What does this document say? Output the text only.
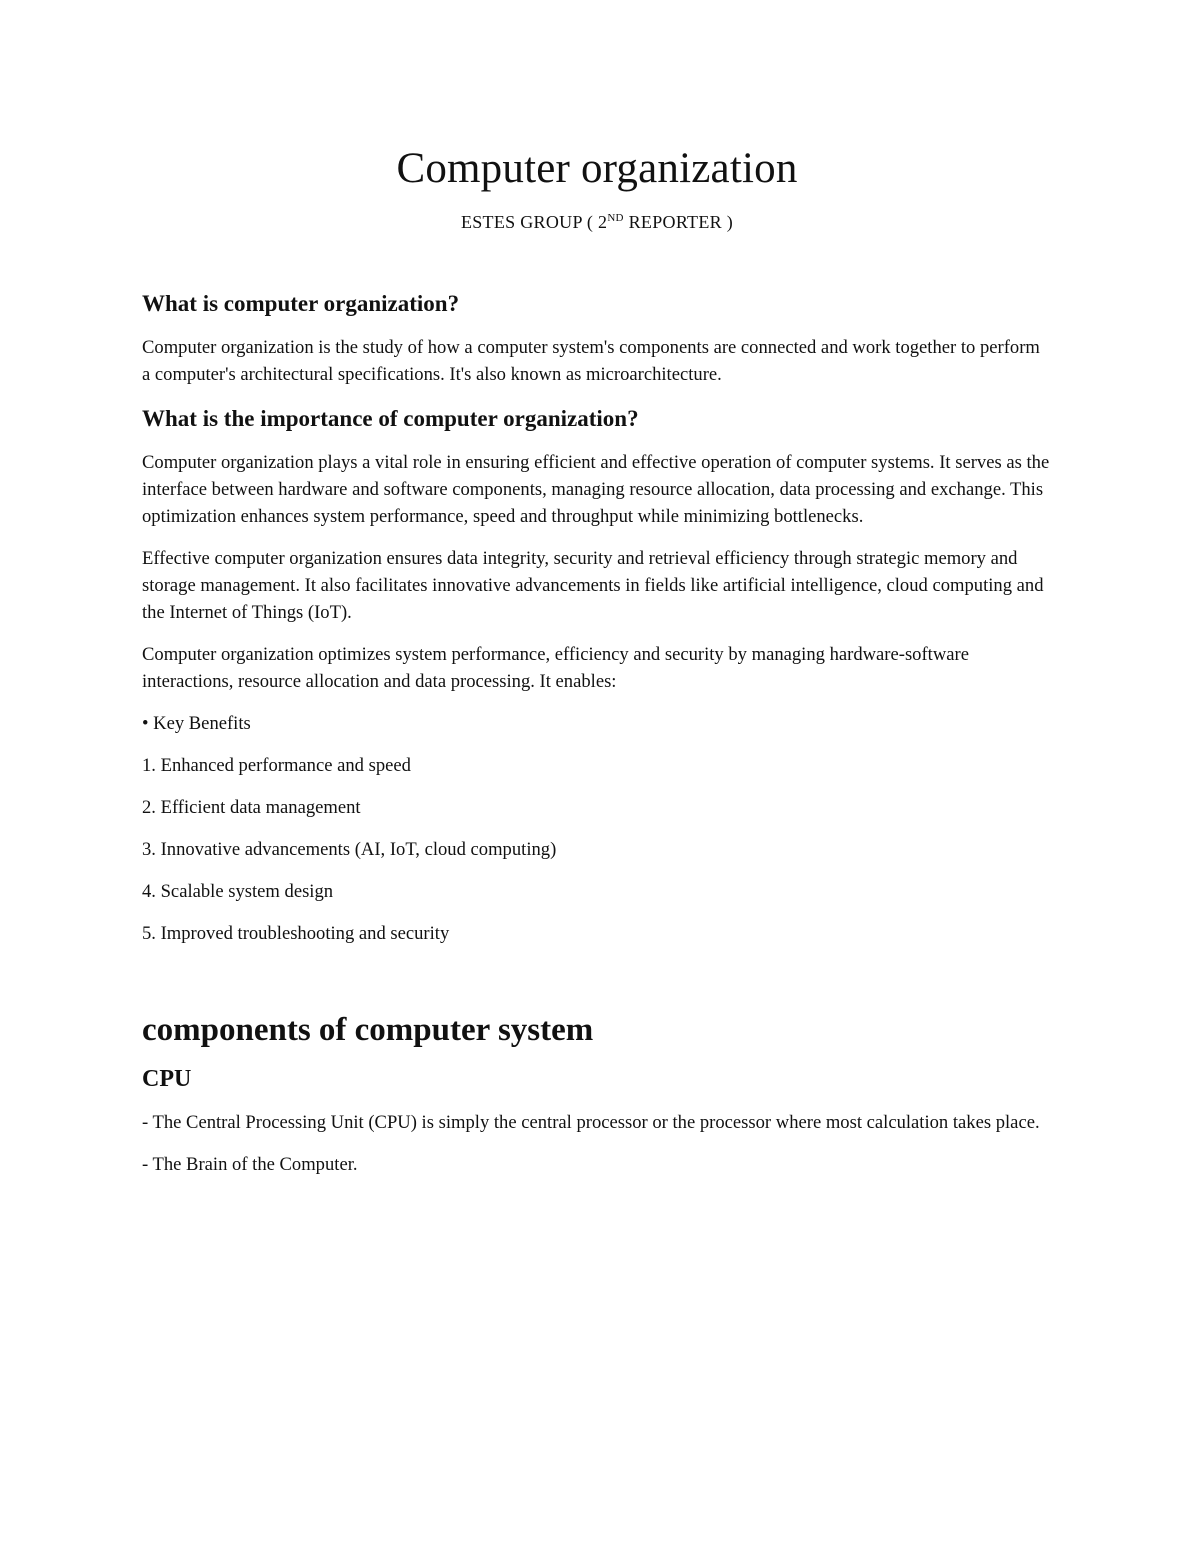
Computer organization

ESTES GROUP ( 2ND REPORTER )

What is computer organization?

Computer organization is the study of how a computer system's components are connected and work together to perform a computer's architectural specifications. It's also known as microarchitecture.

What is the importance of computer organization?

Computer organization plays a vital role in ensuring efficient and effective operation of computer systems. It serves as the interface between hardware and software components, managing resource allocation, data processing and exchange. This optimization enhances system performance, speed and throughput while minimizing bottlenecks.

Effective computer organization ensures data integrity, security and retrieval efficiency through strategic memory and storage management. It also facilitates innovative advancements in fields like artificial intelligence, cloud computing and the Internet of Things (IoT).

Computer organization optimizes system performance, efficiency and security by managing hardware-software interactions, resource allocation and data processing. It enables:

• Key Benefits

1. Enhanced performance and speed

2. Efficient data management

3. Innovative advancements (AI, IoT, cloud computing)

4. Scalable system design

5. Improved troubleshooting and security

components of computer system
CPU

- The Central Processing Unit (CPU) is simply the central processor or the processor where most calculation takes place.

- The Brain of the Computer.
